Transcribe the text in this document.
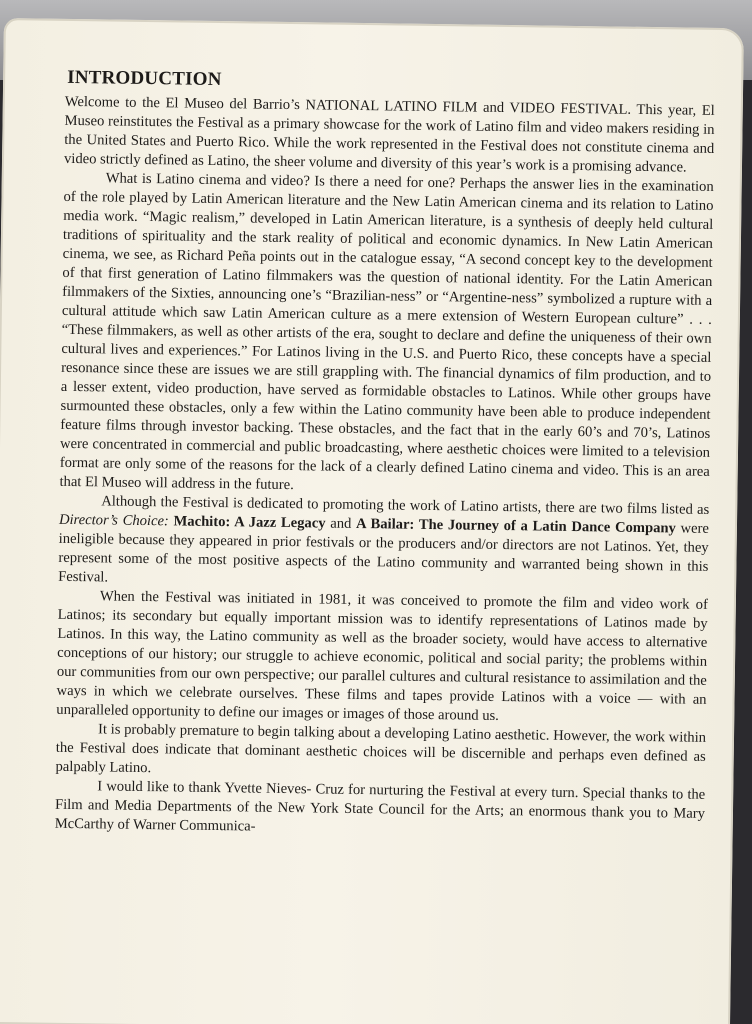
INTRODUCTION

Welcome to the El Museo del Barrio’s NATIONAL LATINO FILM and VIDEO FESTIVAL. This year, El Museo reinstitutes the Festival as a primary showcase for the work of Latino film and video makers residing in the United States and Puerto Rico. While the work represented in the Festival does not constitute cinema and video strictly defined as Latino, the sheer volume and diversity of this year’s work is a promising advance.

What is Latino cinema and video? Is there a need for one? Perhaps the answer lies in the examination of the role played by Latin American literature and the New Latin American cinema and its relation to Latino media work. “Magic realism,” developed in Latin American literature, is a synthesis of deeply held cultural traditions of spirituality and the stark reality of political and economic dynamics. In New Latin American cinema, we see, as Richard Peña points out in the catalogue essay, “A second concept key to the development of that first generation of Latino filmmakers was the question of national identity. For the Latin American filmmakers of the Sixties, announcing one’s “Brazilian-ness” or “Argentine-ness” symbolized a rupture with a cultural attitude which saw Latin American culture as a mere extension of Western European culture” . . . “These filmmakers, as well as other artists of the era, sought to declare and define the uniqueness of their own cultural lives and experiences.” For Latinos living in the U.S. and Puerto Rico, these concepts have a special resonance since these are issues we are still grappling with. The financial dynamics of film production, and to a lesser extent, video production, have served as formidable obstacles to Latinos. While other groups have surmounted these obstacles, only a few within the Latino community have been able to produce independent feature films through investor backing. These obstacles, and the fact that in the early 60’s and 70’s, Latinos were concentrated in commercial and public broadcasting, where aesthetic choices were limited to a television format are only some of the reasons for the lack of a clearly defined Latino cinema and video. This is an area that El Museo will address in the future.

Although the Festival is dedicated to promoting the work of Latino artists, there are two films listed as Director’s Choice: Machito: A Jazz Legacy and A Bailar: The Journey of a Latin Dance Company were ineligible because they appeared in prior festivals or the producers and/or directors are not Latinos. Yet, they represent some of the most positive aspects of the Latino community and warranted being shown in this Festival.

When the Festival was initiated in 1981, it was conceived to promote the film and video work of Latinos; its secondary but equally important mission was to identify representations of Latinos made by Latinos. In this way, the Latino community as well as the broader society, would have access to alternative conceptions of our history; our struggle to achieve economic, political and social parity; the problems within our communities from our own perspective; our parallel cultures and cultural resistance to assimilation and the ways in which we celebrate ourselves. These films and tapes provide Latinos with a voice — with an unparalleled opportunity to define our images or images of those around us.

It is probably premature to begin talking about a developing Latino aesthetic. However, the work within the Festival does indicate that dominant aesthetic choices will be discernible and perhaps even defined as palpably Latino.

I would like to thank Yvette Nieves- Cruz for nurturing the Festival at every turn. Special thanks to the Film and Media Departments of the New York State Council for the Arts; an enormous thank you to Mary McCarthy of Warner Communica-
